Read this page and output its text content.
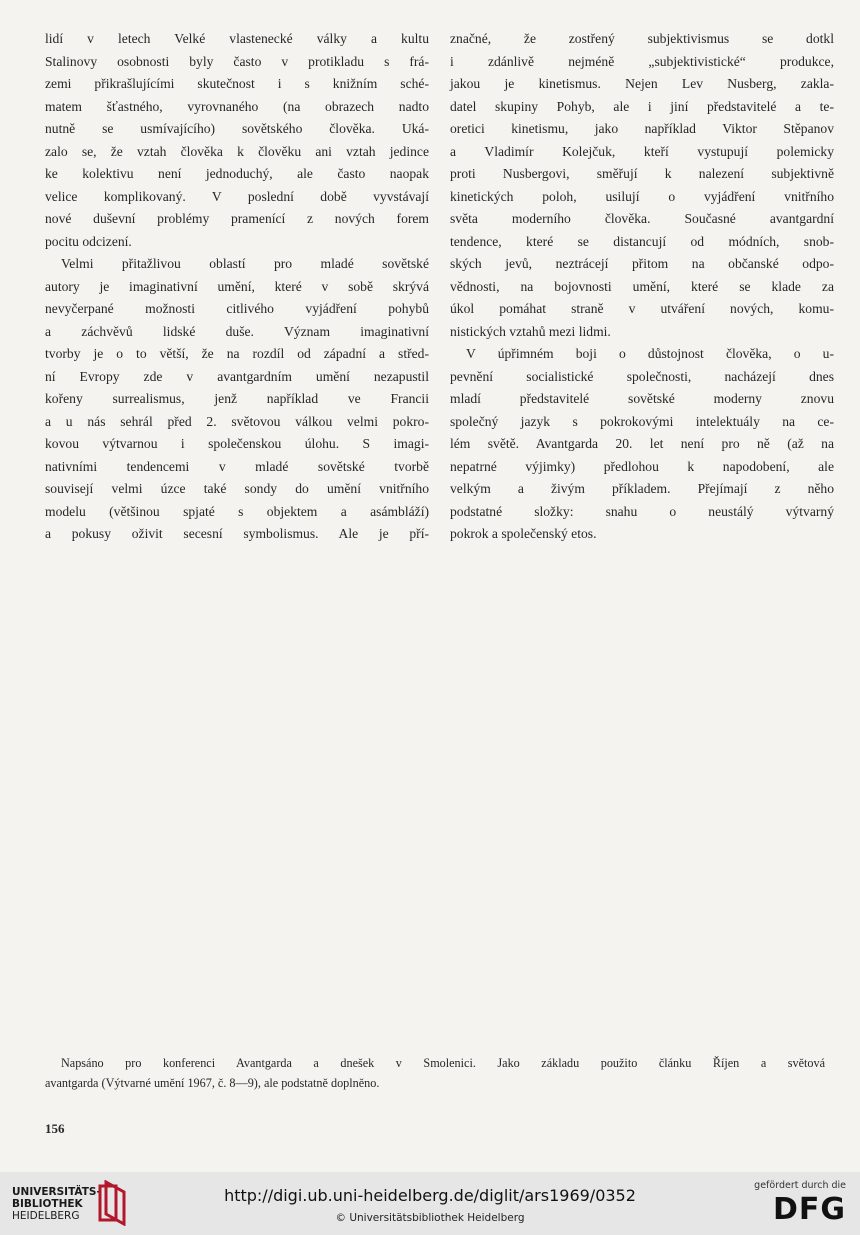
lidí v letech Velké vlastenecké války a kultu
Stalinovy osobnosti byly často v protikladu s frá-
zemi přikrašlujícími skutečnost i s knižním sché-
matem šťastného, vyrovnaného (na obrazech nadto
nutně se usmívajícího) sovětského člověka. Uká-
zalo se, že vztah člověka k člověku ani vztah jedince
ke kolektivu není jednoduchý, ale často naopak
velice komplikovaný. V poslední době vyvstávají
nové duševní problémy pramenící z nových forem
pocitu odcizení.
Velmi přitažlivou oblastí pro mladé sovětské
autory je imaginativní umění, které v sobě skrývá
nevyčerpané možnosti citlivého vyjádření pohybů
a záchvěvů lidské duše. Význam imaginativní
tvorby je o to větší, že na rozdíl od západní a střed-
ní Evropy zde v avantgardním umění nezapustil
kořeny surrealismus, jenž například ve Francii
a u nás sehrál před 2. světovou válkou velmi pokro-
kovou výtvarnou i společenskou úlohu. S imagi-
nativními tendencemi v mladé sovětské tvorbě
souvisejí velmi úzce také sondy do umění vnitřního
modelu (většinou spjaté s objektem a asámbláží)
a pokusy oživit secesní symbolismus. Ale je pří-
značné, že zostřený subjektivismus se dotkl
i zdánlivě nejméně „subjektivistické“ produkce,
jakou je kinetismus. Nejen Lev Nusberg, zakla-
datel skupiny Pohyb, ale i jiní představitelé a te-
oretici kinetismu, jako například Viktor Stěpanov
a Vladimír Kolejčuk, kteří vystupují polemicky
proti Nusbergovi, směřují k nalezení subjektivně
kinetických poloh, usilují o vyjádření vnitřního
světa moderního člověka. Současné avantgardní
tendence, které se distancují od módních, snob-
ských jevů, neztrácejí přitom na občanské odpo-
vědnosti, na bojovnosti umění, které se klade za
úkol pomáhat straně v utváření nových, komu-
nistických vztahů mezi lidmi.
V úpřimném boji o důstojnost člověka, o u-
pevnění socialistické společnosti, nacházejí dnes
mladí představitelé sovětské moderny znovu
společný jazyk s pokrokovými intelektuály na ce-
lém světě. Avantgarda 20. let není pro ně (až na
nepatrné výjimky) předlohou k napodobení, ale
velkým a živým příkladem. Přejímají z něho
podstatné složky: snahu o neustálý výtvarný
pokrok a společenský etos.
Napsáno pro konferenci Avantgarda a dnešek v Smolenici. Jako základu použito článku Říjen a světová
avantgarda (Výtvarné umění 1967, č. 8—9), ale podstatně doplněno.
156
UNIVERSITÄTS-
BIBLIOTHEK
HEIDELBERG
http://digi.ub.uni-heidelberg.de/diglit/ars1969/0352
© Universitätsbibliothek Heidelberg
gefördert durch die
DFG
